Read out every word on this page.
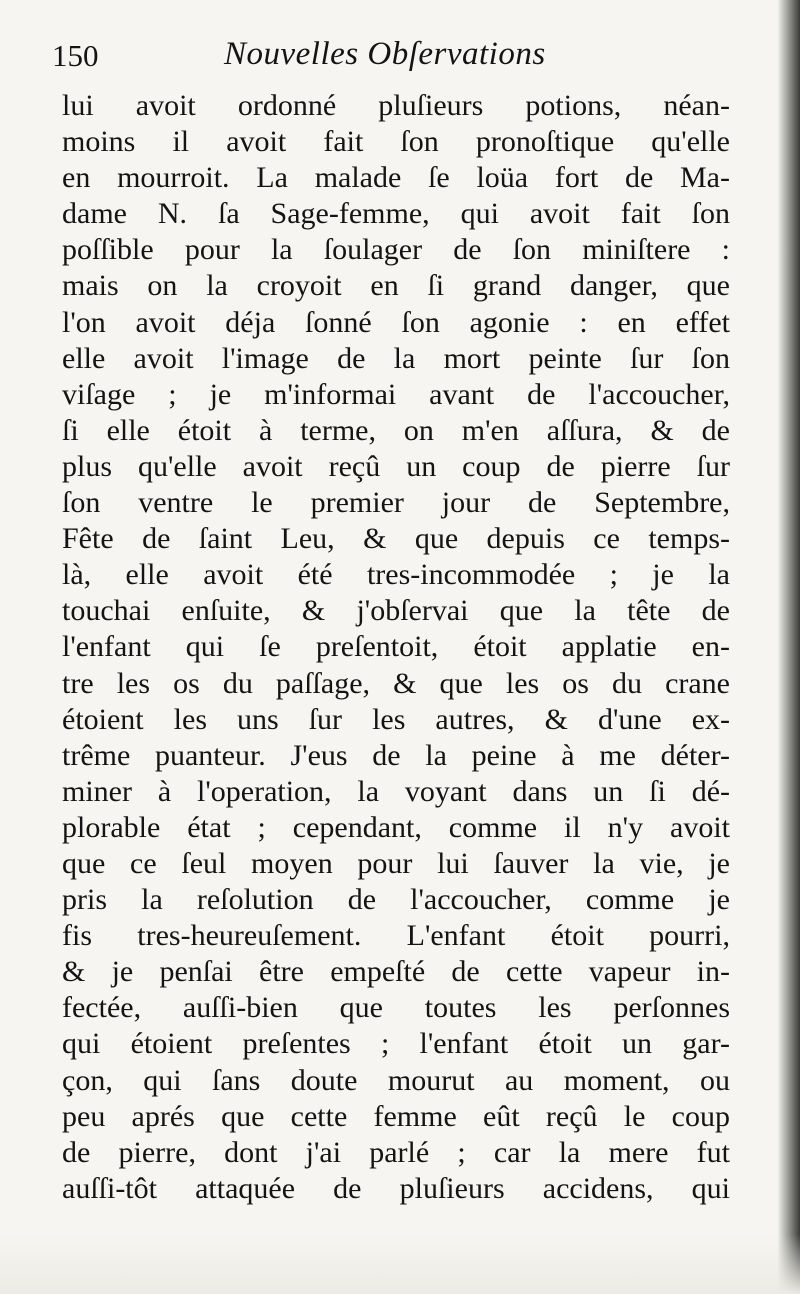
150	Nouvelles Obſervations
lui avoit ordonné pluſieurs potions, néan-
moins il avoit fait ſon pronoſtique qu'elle
en mourroit. La malade ſe loüa fort de Ma-
dame N. ſa Sage-femme, qui avoit fait ſon
poſſible pour la ſoulager de ſon miniſtere :
mais on la croyoit en ſi grand danger, que
l'on avoit déja ſonné ſon agonie : en effet
elle avoit l'image de la mort peinte ſur ſon
viſage ; je m'informai avant de l'accoucher,
ſi elle étoit à terme, on m'en aſſura, & de
plus qu'elle avoit reçû un coup de pierre ſur
ſon ventre le premier jour de Septembre,
Fête de ſaint Leu, & que depuis ce temps-
là, elle avoit été tres-incommodée ; je la
touchai enſuite, & j'obſervai que la tête de
l'enfant qui ſe preſentoit, étoit applatie en-
tre les os du paſſage, & que les os du crane
étoient les uns ſur les autres, & d'une ex-
trême puanteur. J'eus de la peine à me déter-
miner à l'operation, la voyant dans un ſi dé-
plorable état ; cependant, comme il n'y avoit
que ce ſeul moyen pour lui ſauver la vie, je
pris la reſolution de l'accoucher, comme je
fis tres-heureuſement. L'enfant étoit pourri,
& je penſai être empeſté de cette vapeur in-
fectée, auſſi-bien que toutes les perſonnes
qui étoient preſentes ; l'enfant étoit un gar-
çon, qui ſans doute mourut au moment, ou
peu aprés que cette femme eût reçû le coup
de pierre, dont j'ai parlé ; car la mere fut
auſſi-tôt attaquée de pluſieurs accidens, qui
